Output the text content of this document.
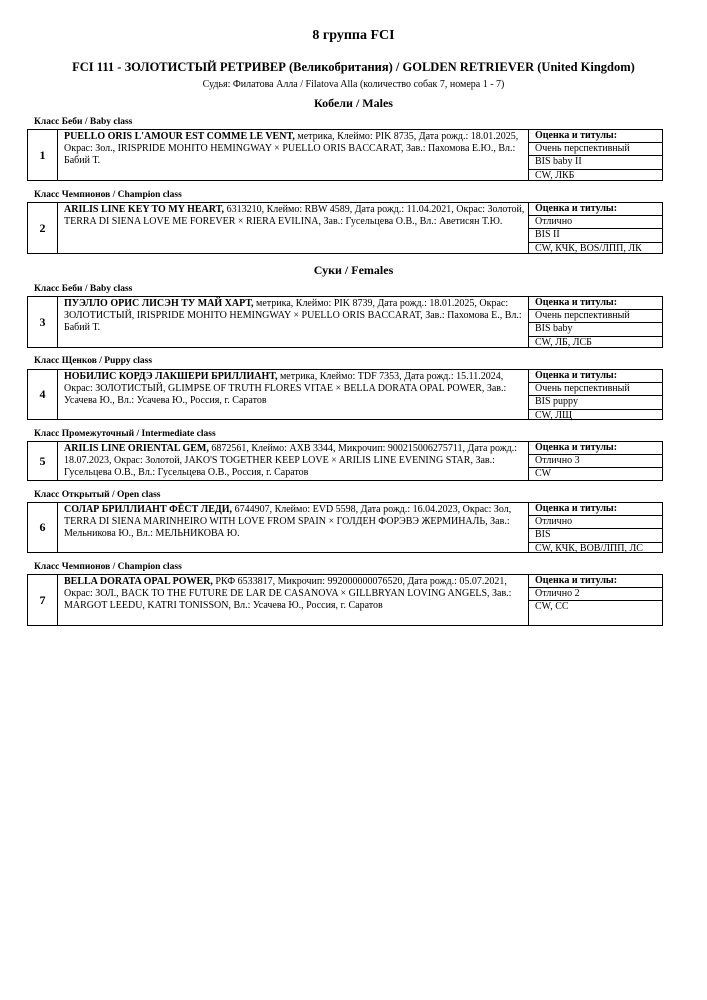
8 группа FCI
FCI 111 - ЗОЛОТИСТЫЙ РЕТРИВЕР (Великобритания) / GOLDEN RETRIEVER (United Kingdom)
Судья: Филатова Алла / Filatova Alla (количество собак 7, номера 1 - 7)
Кобели / Males
Класс Беби / Baby class
1
PUELLO ORIS L'AMOUR EST COMME LE VENT, метрика, Клеймо: PIK 8735, Дата рожд.: 18.01.2025, Окрас: Зол., IRISPRIDE MOHITO HEMINGWAY × PUELLO ORIS BACCARAT, Зав.: Пахомова Е.Ю., Вл.: Бабий Т.
Оценка и титулы:
Очень перспективный
BIS baby II
CW, ЛКБ
Класс Чемпионов / Champion class
2
ARILIS LINE KEY TO MY HEART, 6313210, Клеймо: RBW 4589, Дата рожд.: 11.04.2021, Окрас: Золотой, TERRA DI SIENA LOVE ME FOREVER × RIERA EVILINA, Зав.: Гусельцева О.В., Вл.: Аветисян Т.Ю.
Оценка и титулы:
Отлично
BIS II
CW, КЧК, BOS/ЛПП, ЛК
Суки / Females
Класс Беби / Baby class
3
ПУЭЛЛО ОРИС ЛИСЭН ТУ МАЙ ХАРТ, метрика, Клеймо: PIK 8739, Дата рожд.: 18.01.2025, Окрас: ЗОЛОТИСТЫЙ, IRISPRIDE MOHITO HEMINGWAY × PUELLO ORIS BACCARAT, Зав.: Пахомова Е., Вл.: Бабий Т.
Оценка и титулы:
Очень перспективный
BIS baby
CW, ЛБ, ЛСБ
Класс Щенков / Puppy class
4
НОБИЛИС КОРДЭ ЛАКШЕРИ БРИЛЛИАНТ, метрика, Клеймо: TDF 7353, Дата рожд.: 15.11.2024, Окрас: ЗОЛОТИСТЫЙ, GLIMPSE OF TRUTH FLORES VITAE × BELLA DORATA OPAL POWER, Зав.: Усачева Ю., Вл.: Усачева Ю., Россия, г. Саратов
Оценка и титулы:
Очень перспективный
BIS puppy
CW, ЛЩ
Класс Промежуточный / Intermediate class
5
ARILIS LINE ORIENTAL GEM, 6872561, Клеймо: AXB 3344, Микрочип: 900215006275711, Дата рожд.: 18.07.2023, Окрас: Золотой, JAKO'S TOGETHER KEEP LOVE × ARILIS LINE EVENING STAR, Зав.: Гусельцева О.В., Вл.: Гусельцева О.В., Россия, г. Саратов
Оценка и титулы:
Отлично 3
CW
Класс Открытый / Open class
6
СОЛАР БРИЛЛИАНТ ФЁСТ ЛЕДИ, 6744907, Клеймо: EVD 5598, Дата рожд.: 16.04.2023, Окрас: Зол, TERRA DI SIENA MARINHEIRO WITH LOVE FROM SPAIN × ГОЛДЕН ФОРЭВЭ ЖЕРМИНАЛЬ, Зав.: Мельникова Ю., Вл.: МЕЛЬНИКОВА Ю.
Оценка и титулы:
Отлично
BIS
CW, КЧК, BOB/ЛПП, ЛС
Класс Чемпионов / Champion class
7
BELLA DORATA OPAL POWER, РКФ 6533817, Микрочип: 992000000076520, Дата рожд.: 05.07.2021, Окрас: ЗОЛ., BACK TO THE FUTURE DE LAR DE CASANOVA × GILLBRYAN LOVING ANGELS, Зав.: MARGOT LEEDU, KATRI TONISSON, Вл.: Усачева Ю., Россия, г. Саратов
Оценка и титулы:
Отлично 2
CW, CC
